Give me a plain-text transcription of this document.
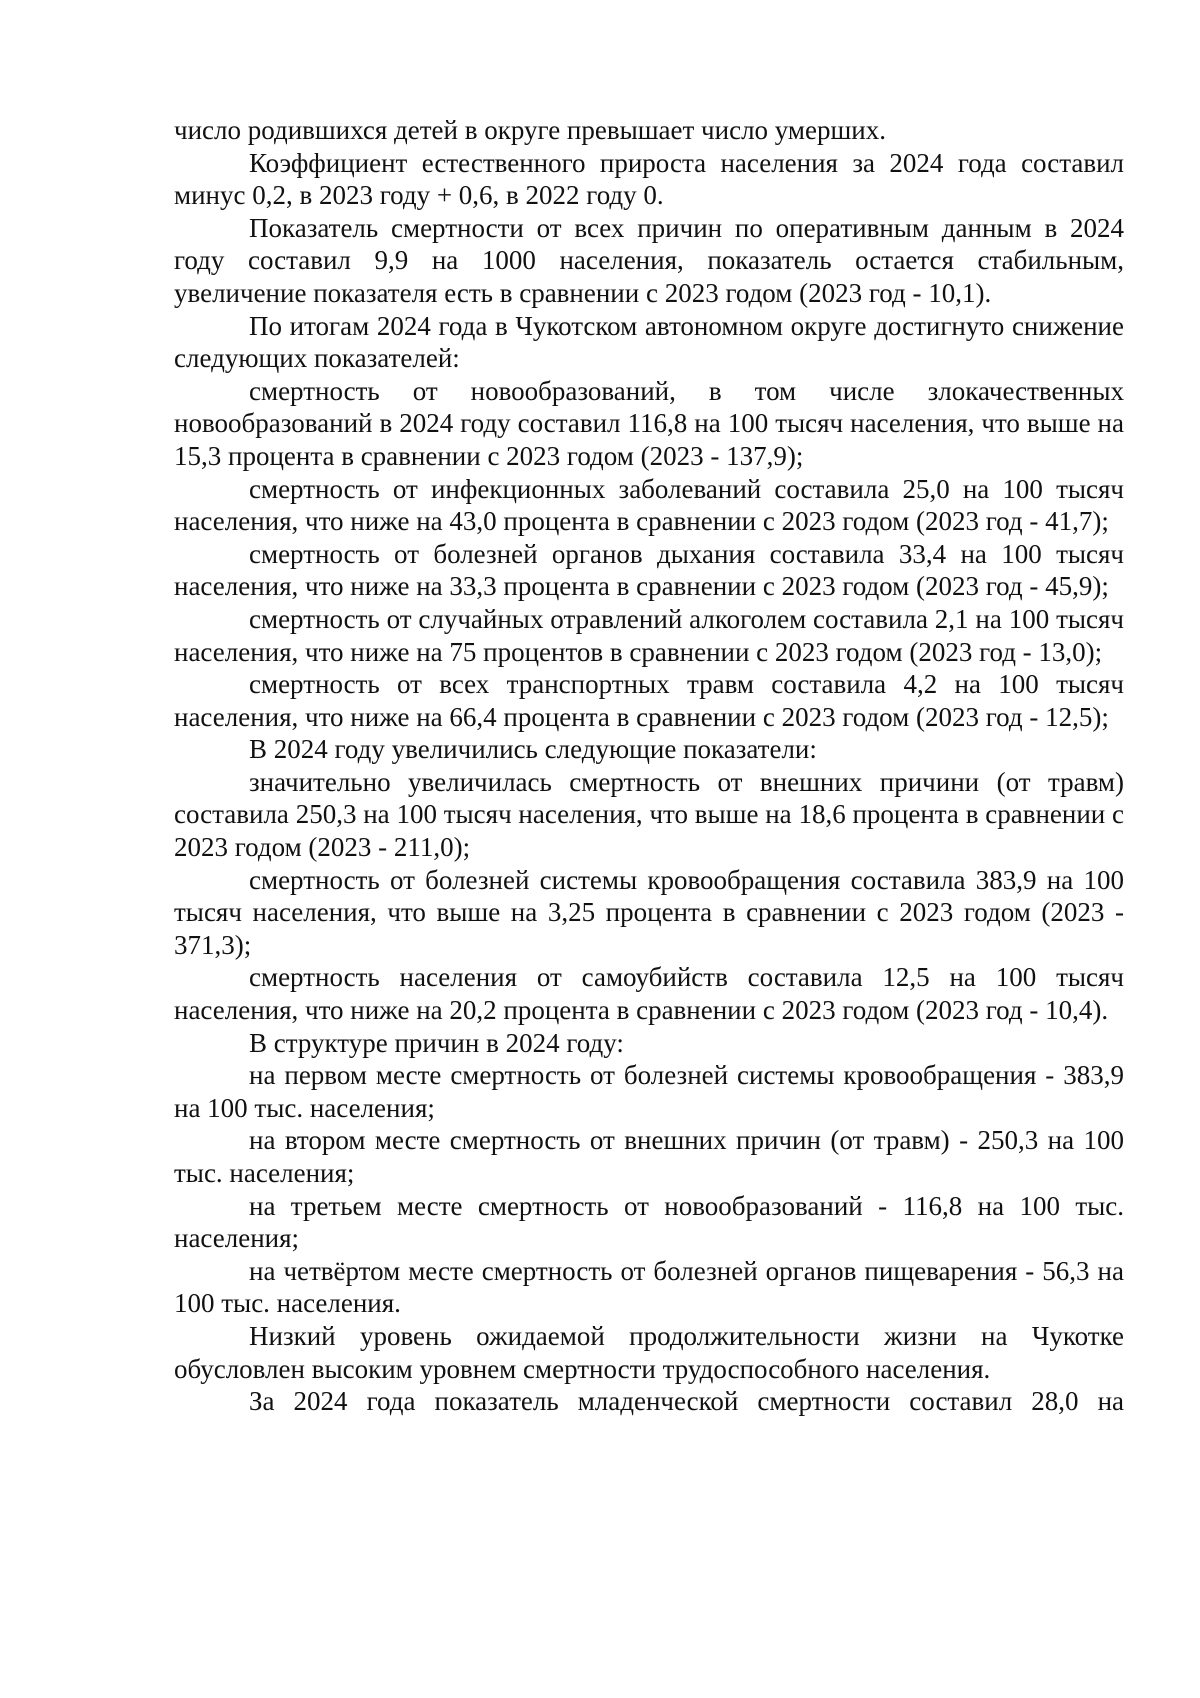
число родившихся детей в округе превышает число умерших.

Коэффициент естественного прироста населения за 2024 года составил минус 0,2, в 2023 году + 0,6, в 2022 году 0.

Показатель смертности от всех причин по оперативным данным в 2024 году составил 9,9 на 1000 населения, показатель остается стабильным, увеличение показателя есть в сравнении с 2023 годом (2023 год - 10,1).

По итогам 2024 года в Чукотском автономном округе достигнуто снижение следующих показателей:

смертность от новообразований, в том числе злокачественных новообразований в 2024 году составил 116,8 на 100 тысяч населения, что выше на 15,3 процента в сравнении с 2023 годом (2023 - 137,9);

смертность от инфекционных заболеваний составила 25,0 на 100 тысяч населения, что ниже на 43,0 процента в сравнении с 2023 годом (2023 год - 41,7);

смертность от болезней органов дыхания составила 33,4 на 100 тысяч населения, что ниже на 33,3 процента в сравнении с 2023 годом (2023 год - 45,9);

смертность от случайных отравлений алкоголем составила 2,1 на 100 тысяч населения, что ниже на 75 процентов в сравнении с 2023 годом (2023 год - 13,0);

смертность от всех транспортных травм составила 4,2 на 100 тысяч населения, что ниже на 66,4 процента в сравнении с 2023 годом (2023 год - 12,5);

В 2024 году увеличились следующие показатели:

значительно увеличилась смертность от внешних причини (от травм) составила 250,3 на 100 тысяч населения, что выше на 18,6 процента в сравнении с 2023 годом (2023 - 211,0);

смертность от болезней системы кровообращения составила 383,9 на 100 тысяч населения, что выше на 3,25 процента в сравнении с 2023 годом (2023 - 371,3);

смертность населения от самоубийств составила 12,5 на 100 тысяч населения, что ниже на 20,2 процента в сравнении с 2023 годом (2023 год - 10,4).

В структуре причин в 2024 году:

на первом месте смертность от болезней системы кровообращения - 383,9 на 100 тыс. населения;

на втором месте смертность от внешних причин (от травм) - 250,3 на 100 тыс. населения;

на третьем месте смертность от новообразований - 116,8 на 100 тыс. населения;

на четвёртом месте смертность от болезней органов пищеварения - 56,3 на 100 тыс. населения.

Низкий уровень ожидаемой продолжительности жизни на Чукотке обусловлен высоким уровнем смертности трудоспособного населения.

За 2024 года показатель младенческой смертности составил 28,0 на
